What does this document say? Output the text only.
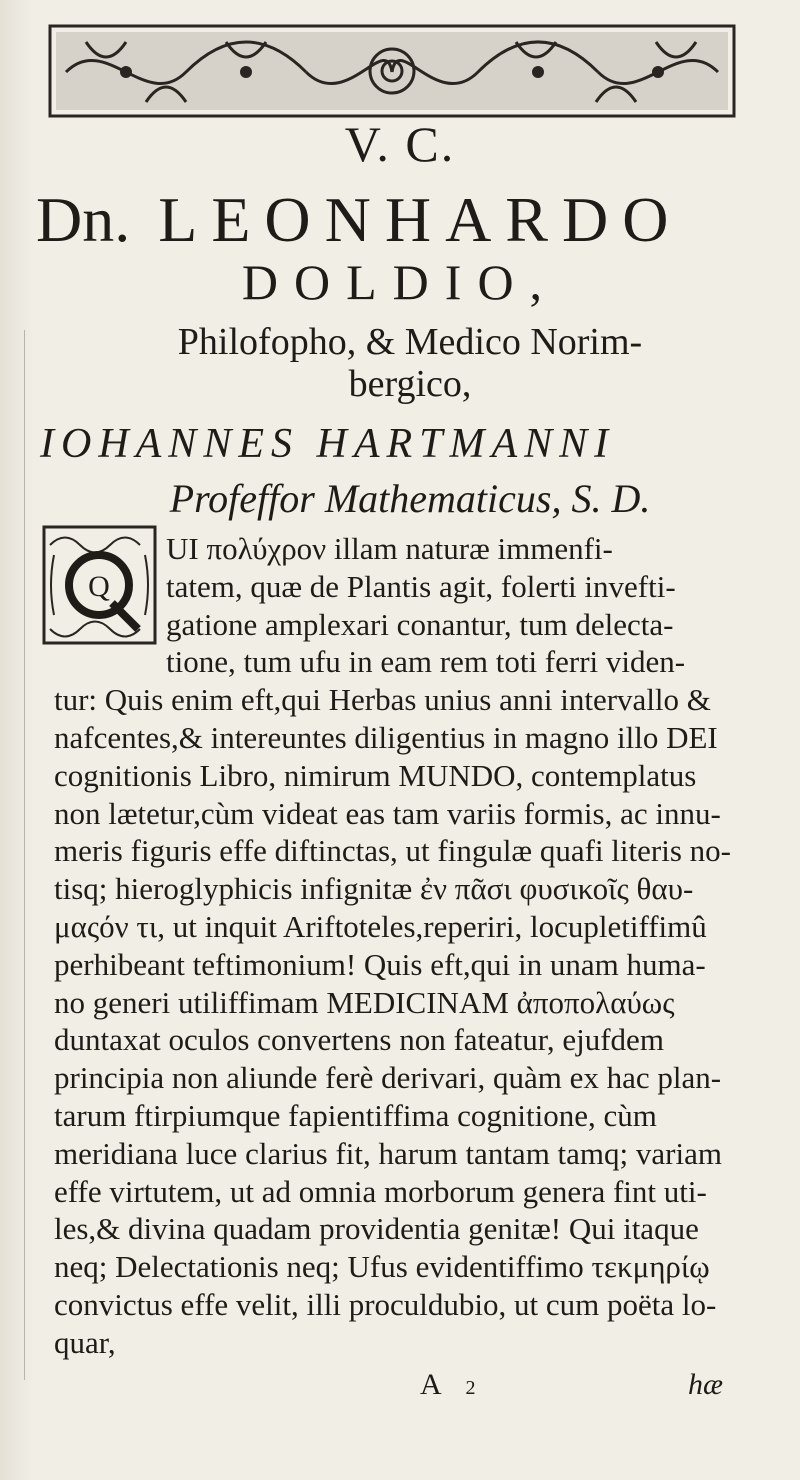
V. C.
Dn. LEONHARDO
DOLDIO,
Philofopho, & Medico Norim-
bergico,
IOHANNES HARTMANNI
Profeffor Mathematicus, S. D.
Q
UI πολύχρον illam naturæ immenfi-
tatem, quæ de Plantis agit, folerti invefti-
gatione amplexari conantur, tum delecta-
tione, tum ufu in eam rem toti ferri viden-
tur: Quis enim eft,qui Herbas unius anni intervallo &
nafcentes,& intereuntes diligentius in magno illo DEI
cognitionis Libro, nimirum MUNDO, contemplatus
non lætetur,cùm videat eas tam variis formis, ac innu-
meris figuris effe diftinctas, ut fingulæ quafi literis no-
tisq; hieroglyphicis infignitæ ἐν πᾶσι φυσικοῖς θαυ-
μαςόν τι, ut inquit Ariftoteles,reperiri, locupletiffimû
perhibeant teftimonium! Quis eft,qui in unam huma-
no generi utiliffimam MEDICINAM ἀποπολαύως
duntaxat oculos convertens non fateatur, ejufdem
principia non aliunde ferè derivari, quàm ex hac plan-
tarum ftirpiumque fapientiffima cognitione, cùm
meridiana luce clarius fit, harum tantam tamq; variam
effe virtutem, ut ad omnia morborum genera fint uti-
les,& divina quadam providentia genitæ! Qui itaque
neq; Delectationis neq; Ufus evidentiffimo τεκμηρίῳ
convictus effe velit, illi proculdubio, ut cum poëta lo-
quar,
A 2	hæ
